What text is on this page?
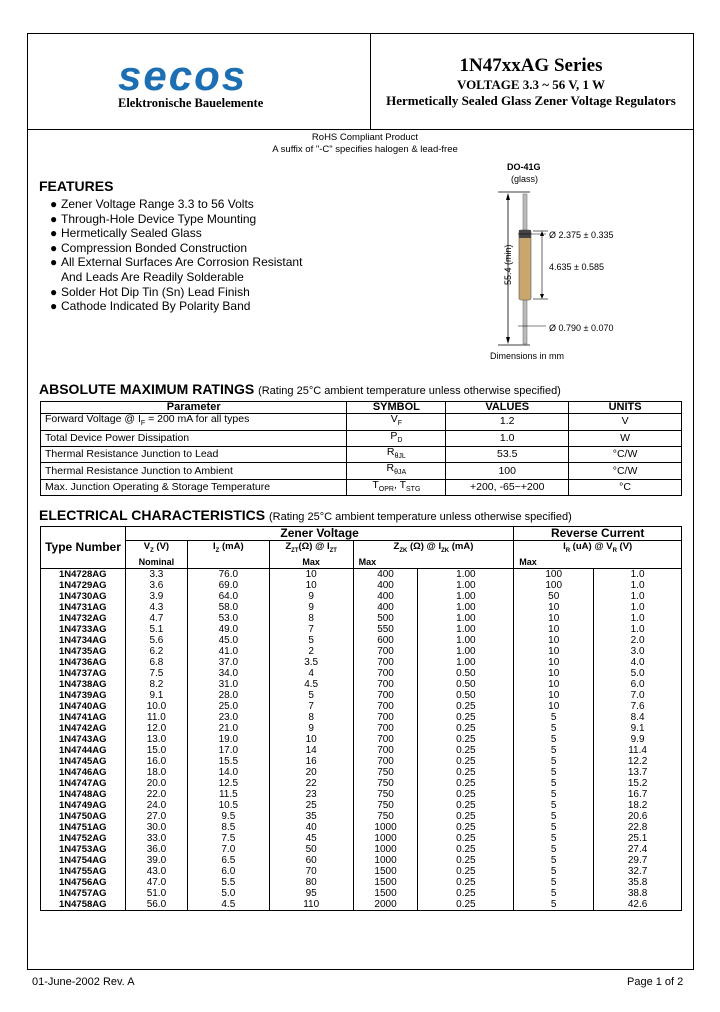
secos
Elektronische Bauelemente
1N47xxAG Series
VOLTAGE 3.3 ~ 56 V, 1 W
Hermetically Sealed Glass Zener Voltage Regulators
RoHS Compliant Product
A suffix of "-C" specifies halogen & lead-free
FEATURES
● Zener Voltage Range 3.3 to 56 Volts
● Through-Hole Device Type Mounting
● Hermetically Sealed Glass
● Compression Bonded Construction
● All External Surfaces Are Corrosion Resistant
And Leads Are Readily Solderable
● Solder Hot Dip Tin (Sn) Lead Finish
● Cathode Indicated By Polarity Band
DO-41G
(glass)
55.4 (min)
Ø 2.375 ± 0.335
4.635 ± 0.585
Ø 0.790 ± 0.070
Dimensions in mm
ABSOLUTE MAXIMUM RATINGS (Rating 25°C ambient temperature unless otherwise specified)
Parameter	SYMBOL	VALUES	UNITS
Forward Voltage @ $I_F = 200$ mA for all types	$V_F$	1.2	V
Total Device Power Dissipation	$P_D$	1.0	W
Thermal Resistance Junction to Lead	$R_{\theta JL}$	53.5	°C/W
Thermal Resistance Junction to Ambient	$R_{\theta JA}$	100	°C/W
Max. Junction Operating & Storage Temperature	$T_{OPR}$, $T_{STG}$	+200, -65~+200	°C
ELECTRICAL CHARACTERISTICS (Rating 25°C ambient temperature unless otherwise specified)
Type Number	Zener Voltage					Reverse Current	
	$V_Z$ (V)	$I_Z$ (mA)	$Z_{ZT}(\Omega)$ @ $I_{ZT}$	$Z_{ZK}$ (Ω) @ $I_{ZK}$ (mA)		$I_R$ (uA) @ $V_R$ (V)	
	Nominal		Max	Max		Max	
1N4728AG	3.3	76.0	10	400	1.00	100	1.0
1N4729AG	3.6	69.0	10	400	1.00	100	1.0
1N4730AG	3.9	64.0	9	400	1.00	50	1.0
1N4731AG	4.3	58.0	9	400	1.00	10	1.0
1N4732AG	4.7	53.0	8	500	1.00	10	1.0
1N4733AG	5.1	49.0	7	550	1.00	10	1.0
1N4734AG	5.6	45.0	5	600	1.00	10	2.0
1N4735AG	6.2	41.0	2	700	1.00	10	3.0
1N4736AG	6.8	37.0	3.5	700	1.00	10	4.0
1N4737AG	7.5	34.0	4	700	0.50	10	5.0
1N4738AG	8.2	31.0	4.5	700	0.50	10	6.0
1N4739AG	9.1	28.0	5	700	0.50	10	7.0
1N4740AG	10.0	25.0	7	700	0.25	10	7.6
1N4741AG	11.0	23.0	8	700	0.25	5	8.4
1N4742AG	12.0	21.0	9	700	0.25	5	9.1
1N4743AG	13.0	19.0	10	700	0.25	5	9.9
1N4744AG	15.0	17.0	14	700	0.25	5	11.4
1N4745AG	16.0	15.5	16	700	0.25	5	12.2
1N4746AG	18.0	14.0	20	750	0.25	5	13.7
1N4747AG	20.0	12.5	22	750	0.25	5	15.2
1N4748AG	22.0	11.5	23	750	0.25	5	16.7
1N4749AG	24.0	10.5	25	750	0.25	5	18.2
1N4750AG	27.0	9.5	35	750	0.25	5	20.6
1N4751AG	30.0	8.5	40	1000	0.25	5	22.8
1N4752AG	33.0	7.5	45	1000	0.25	5	25.1
1N4753AG	36.0	7.0	50	1000	0.25	5	27.4
1N4754AG	39.0	6.5	60	1000	0.25	5	29.7
1N4755AG	43.0	6.0	70	1500	0.25	5	32.7
1N4756AG	47.0	5.5	80	1500	0.25	5	35.8
1N4757AG	51.0	5.0	95	1500	0.25	5	38.8
1N4758AG	56.0	4.5	110	2000	0.25	5	42.6
01-June-2002 Rev. A	Page 1 of 2
